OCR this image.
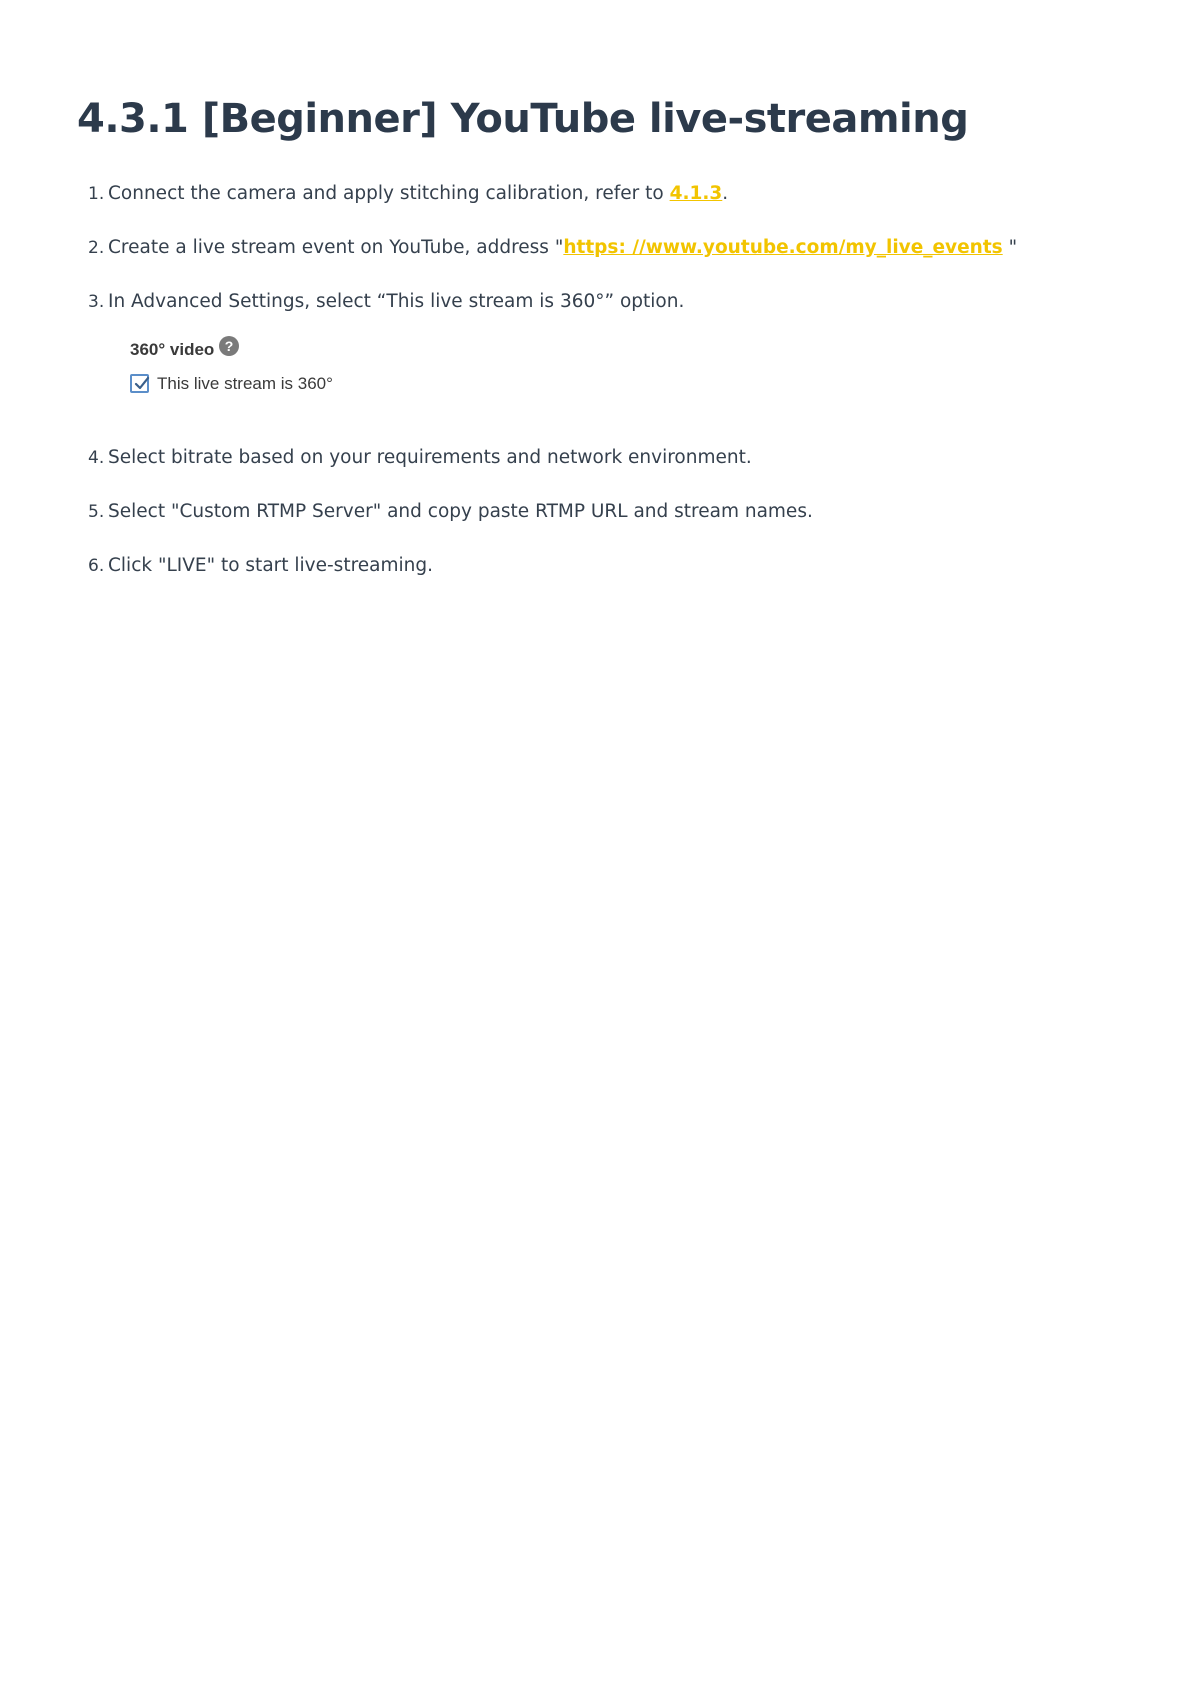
4.3.1 [Beginner] YouTube live-streaming
1. Connect the camera and apply stitching calibration, refer to 4.1.3.
2. Create a live stream event on YouTube, address "https: //www.youtube.com/my_live_events "
3. In Advanced Settings, select “This live stream is 360°” option.
4. Select bitrate based on your requirements and network environment.
5. Select "Custom RTMP Server" and copy paste RTMP URL and stream names.
6. Click "LIVE" to start live-streaming.
360° video ?
This live stream is 360°
